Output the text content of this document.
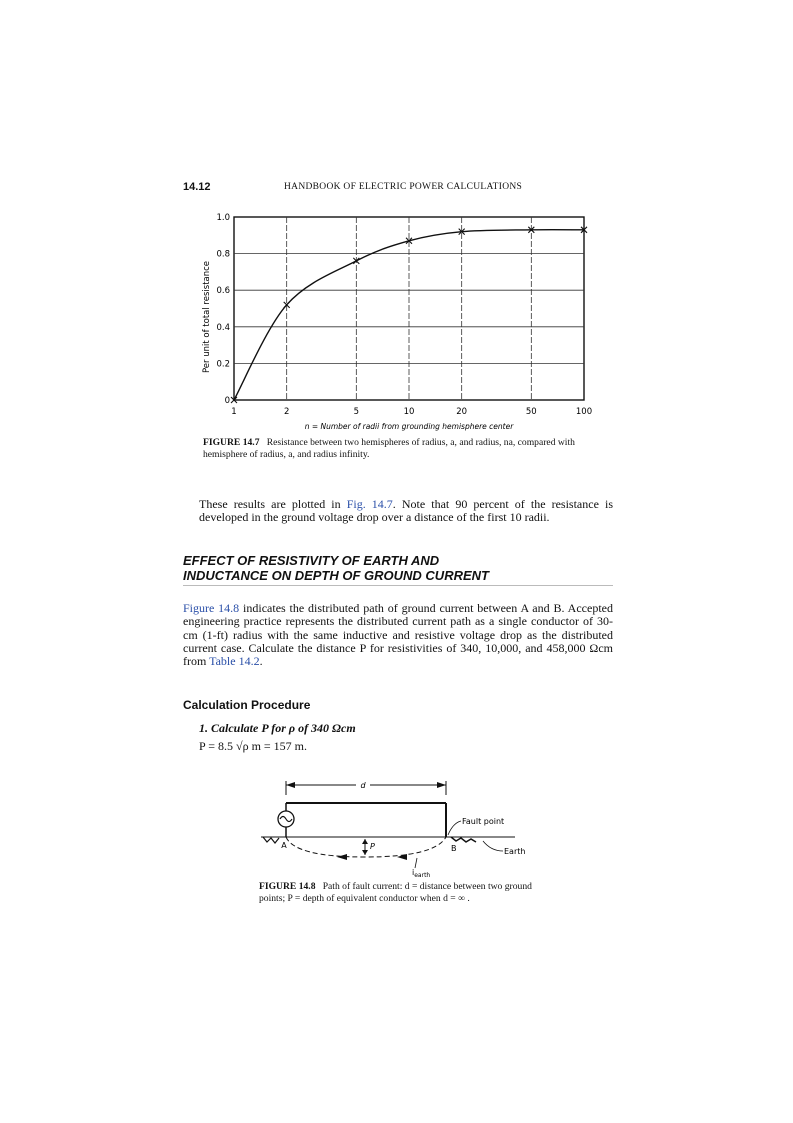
14.12	HANDBOOK OF ELECTRIC POWER CALCULATIONS
1	2	5	10	20	50	100
0
0.2
0.4
0.6
0.8
1.0
Per unit of total resistance
n = Number of radii from grounding hemisphere center
FIGURE 14.7 Resistance between two hemispheres of radius, a, and radius, na, compared with hemisphere of radius, a, and radius infinity.
These results are plotted in Fig. 14.7. Note that 90 percent of the resistance is developed in the ground voltage drop over a distance of the first 10 radii.
EFFECT OF RESISTIVITY OF EARTH AND
INDUCTANCE ON DEPTH OF GROUND CURRENT
Figure 14.8 indicates the distributed path of ground current between A and B. Accepted engineering practice represents the distributed current path as a single conductor of 30-cm (1-ft) radius with the same inductive and resistive voltage drop as the distributed current case. Calculate the distance P for resistivities of 340, 10,000, and 458,000 Ωcm from Table 14.2.
Calculation Procedure
1. Calculate P for ρ of 340 Ωcm
P = 8.5 √ρ m = 157 m.
d
A	B
P
$i_{earth}$
Fault point
Earth
FIGURE 14.8 Path of fault current: d = distance between two ground points; P = depth of equivalent conductor when d = ∞ .
